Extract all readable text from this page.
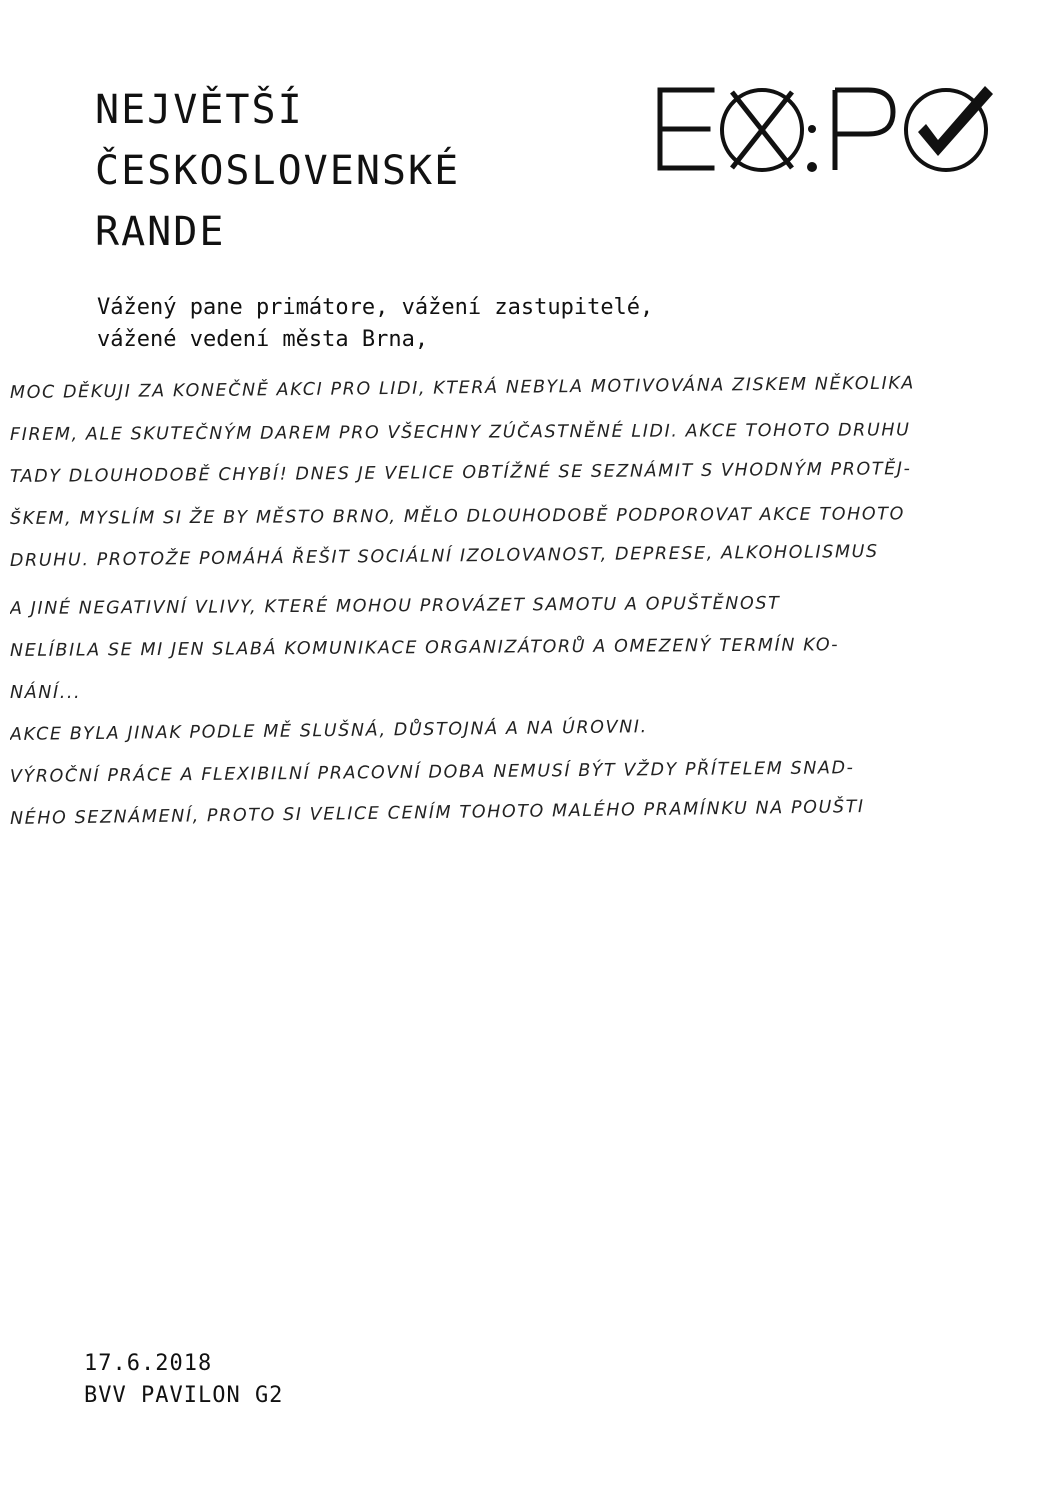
NEJVĚTŠÍ
ČESKOSLOVENSKÉ
RANDE
Vážený pane primátore, vážení zastupitelé,
vážené vedení města Brna,
MOC DĚKUJI ZA KONEČNĚ AKCI PRO LIDI, KTERÁ NEBYLA MOTIVOVÁNA ZISKEM NĚKOLIKA
FIREM, ALE SKUTEČNÝM DAREM PRO VŠECHNY ZÚČASTNĚNÉ LIDI. AKCE TOHOTO DRUHU
TADY DLOUHODOBĚ CHYBÍ! DNES JE VELICE OBTÍŽNÉ SE SEZNÁMIT S VHODNÝM PROTĚJ-
ŠKEM, MYSLÍM SI ŽE BY MĚSTO BRNO, MĚLO DLOUHODOBĚ PODPOROVAT AKCE TOHOTO
DRUHU. PROTOŽE POMÁHÁ ŘEŠIT SOCIÁLNÍ IZOLOVANOST, DEPRESE, ALKOHOLISMUS
A JINÉ NEGATIVNÍ VLIVY, KTERÉ MOHOU PROVÁZET SAMOTU A OPUŠTĚNOST
NELÍBILA SE MI JEN SLABÁ KOMUNIKACE ORGANIZÁTORŮ A OMEZENÝ TERMÍN KO-
NÁNÍ...
AKCE BYLA JINAK PODLE MĚ SLUŠNÁ, DŮSTOJNÁ A NA ÚROVNI.
VÝROČNÍ PRÁCE A FLEXIBILNÍ PRACOVNÍ DOBA NEMUSÍ BÝT VŽDY PŘÍTELEM SNAD-
NÉHO SEZNÁMENÍ, PROTO SI VELICE CENÍM TOHOTO MALÉHO PRAMÍNKU NA POUŠTI
17.6.2018
BVV PAVILON G2
